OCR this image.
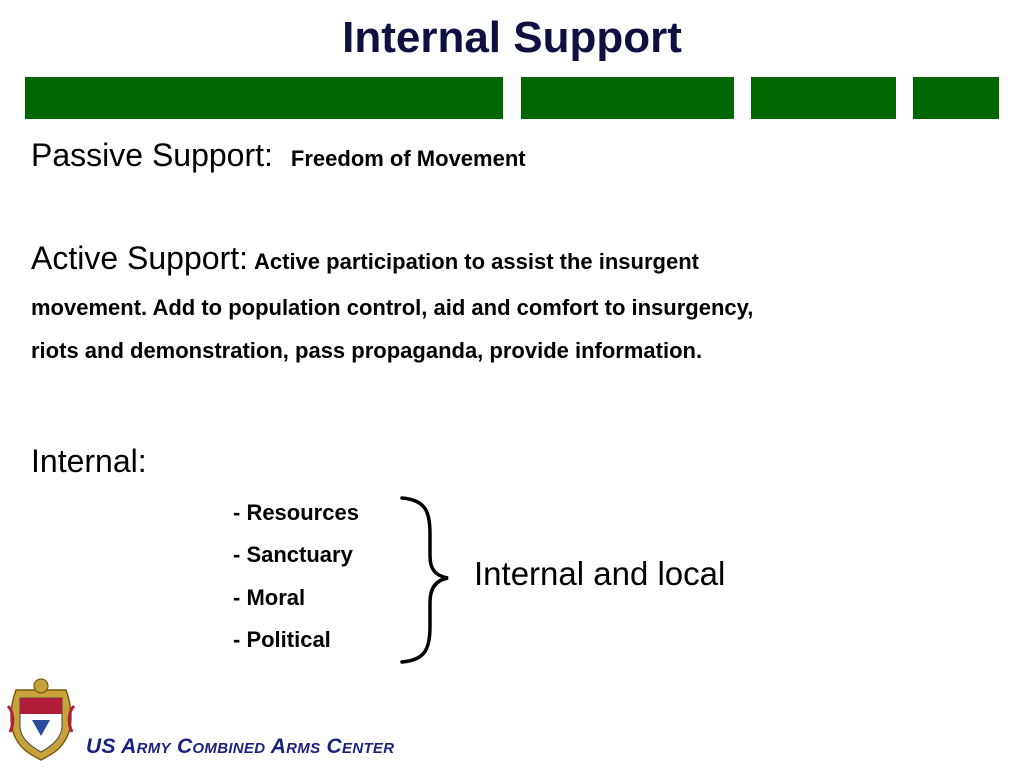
Internal Support
Passive Support: Freedom of Movement
Active Support: Active participation to assist the insurgent
movement. Add to population control, aid and comfort to insurgency,
riots and demonstration, pass propaganda, provide information.
Internal:
- Resources
- Sanctuary
- Moral
- Political
Internal and local
US Army Combined Arms Center
